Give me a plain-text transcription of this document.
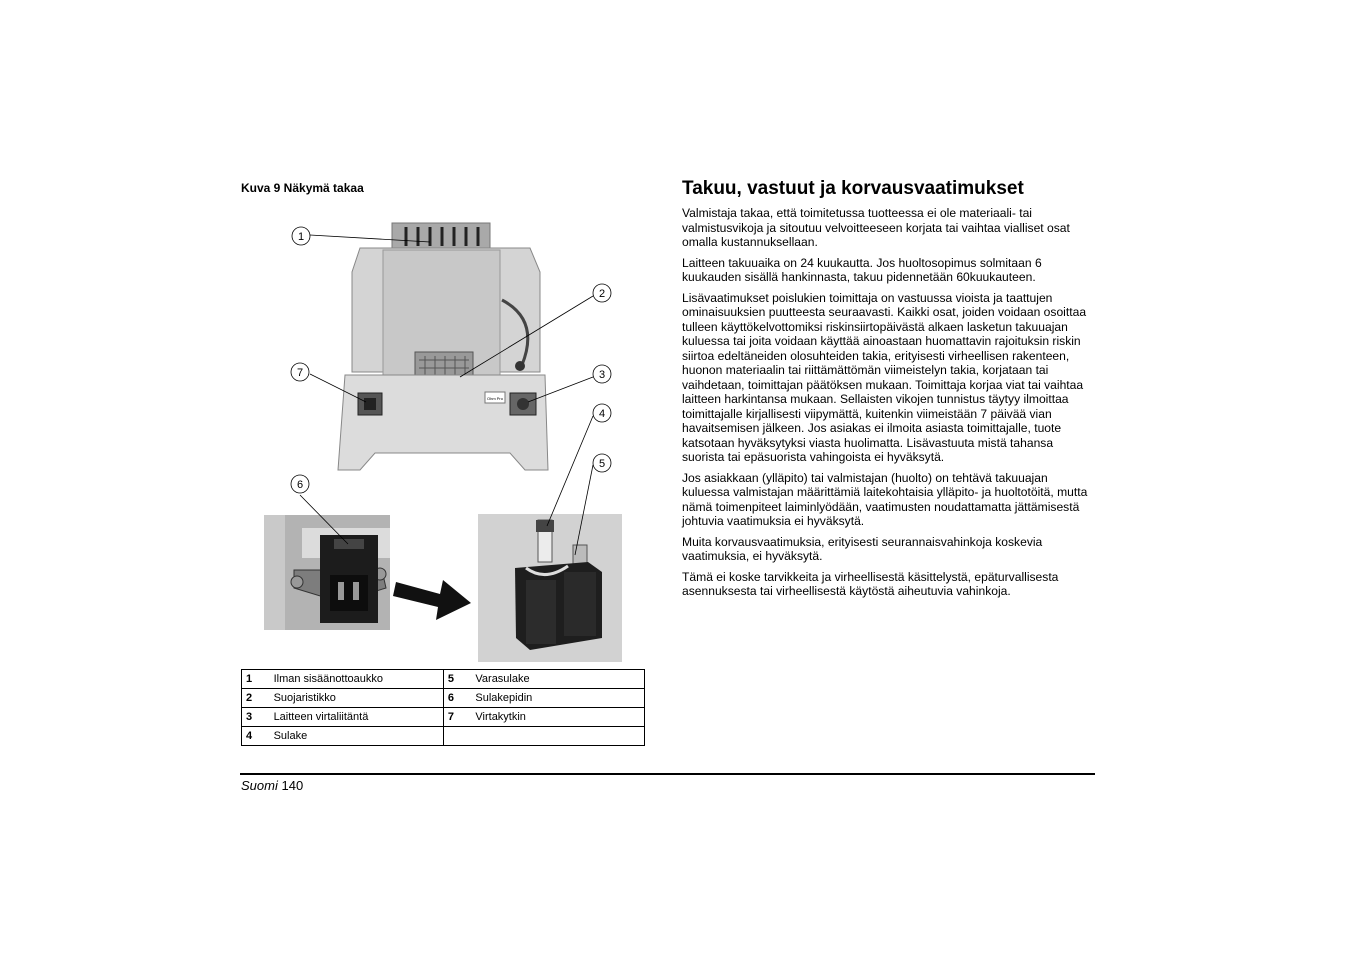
Kuva 9 Näkymä takaa
Ohm Pro
1
2
3
4
5
6
7
1	Ilman sisäänottoaukko	5	Varasulake
2	Suojaristikko	6	Sulakepidin
3	Laitteen virtaliitäntä	7	Virtakytkin
4	Sulake		
Takuu, vastuut ja korvausvaatimukset

Valmistaja takaa, että toimitetussa tuotteessa ei ole materiaali- tai valmistusvikoja ja sitoutuu velvoitteeseen korjata tai vaihtaa vialliset osat omalla kustannuksellaan.

Laitteen takuuaika on 24 kuukautta. Jos huoltosopimus solmitaan 6 kuukauden sisällä hankinnasta, takuu pidennetään 60kuukauteen.

Lisävaatimukset poislukien toimittaja on vastuussa vioista ja taattujen ominaisuuksien puutteesta seuraavasti. Kaikki osat, joiden voidaan osoittaa tulleen käyttökelvottomiksi riskinsiirtopäivästä alkaen lasketun takuuajan kuluessa tai joita voidaan käyttää ainoastaan huomattavin rajoituksin riskin siirtoa edeltäneiden olosuhteiden takia, erityisesti virheellisen rakenteen, huonon materiaalin tai riittämättömän viimeistelyn takia, korjataan tai vaihdetaan, toimittajan päätöksen mukaan. Toimittaja korjaa viat tai vaihtaa laitteen harkintansa mukaan. Sellaisten vikojen tunnistus täytyy ilmoittaa toimittajalle kirjallisesti viipymättä, kuitenkin viimeistään 7 päivää vian havaitsemisen jälkeen. Jos asiakas ei ilmoita asiasta toimittajalle, tuote katsotaan hyväksytyksi viasta huolimatta. Lisävastuuta mistä tahansa suorista tai epäsuorista vahingoista ei hyväksytä.

Jos asiakkaan (ylläpito) tai valmistajan (huolto) on tehtävä takuuajan kuluessa valmistajan määrittämiä laitekohtaisia ylläpito- ja huoltotöitä, mutta nämä toimenpiteet laiminlyödään, vaatimusten noudattamatta jättämisestä johtuvia vaatimuksia ei hyväksytä.

Muita korvausvaatimuksia, erityisesti seurannaisvahinkoja koskevia vaatimuksia, ei hyväksytä.

Tämä ei koske tarvikkeita ja virheellisestä käsittelystä, epäturvallisesta asennuksesta tai virheellisestä käytöstä aiheutuvia vahinkoja.

Suomi 140
